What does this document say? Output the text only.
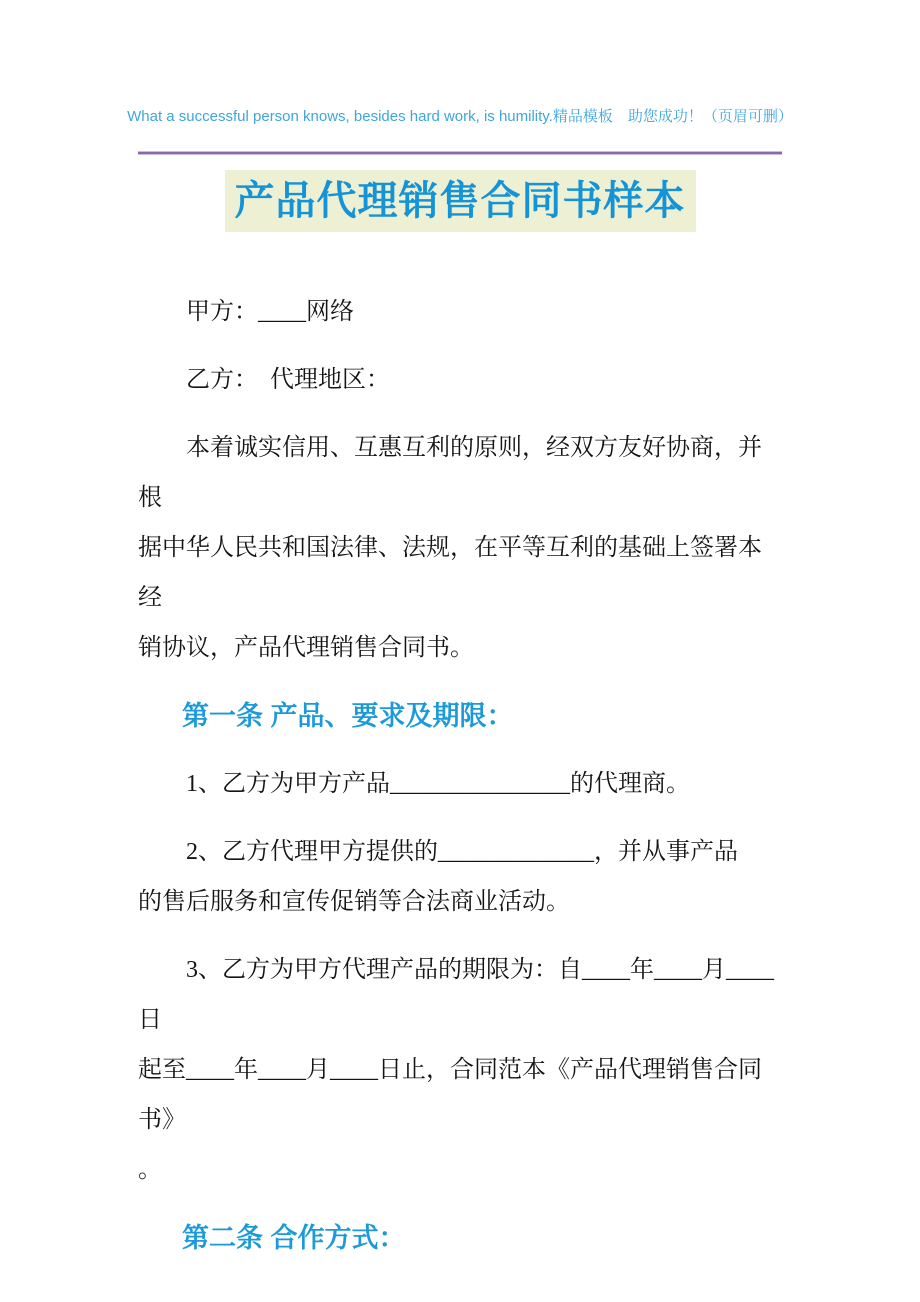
What a successful person knows, besides hard work, is humility.精品模板　助您成功！（页眉可删）
产品代理销售合同书样本

甲方：____网络

乙方：　代理地区：

本着诚实信用、互惠互利的原则，经双方友好协商，并根
据中华人民共和国法律、法规，在平等互利的基础上签署本经
销协议，产品代理销售合同书。

第一条 产品、要求及期限：

1、乙方为甲方产品_______________的代理商。

2、乙方代理甲方提供的_____________，并从事产品
的售后服务和宣传促销等合法商业活动。

3、乙方为甲方代理产品的期限为：自____年____月____日
起至____年____月____日止，合同范本《产品代理销售合同书》
。

第二条 合作方式：
